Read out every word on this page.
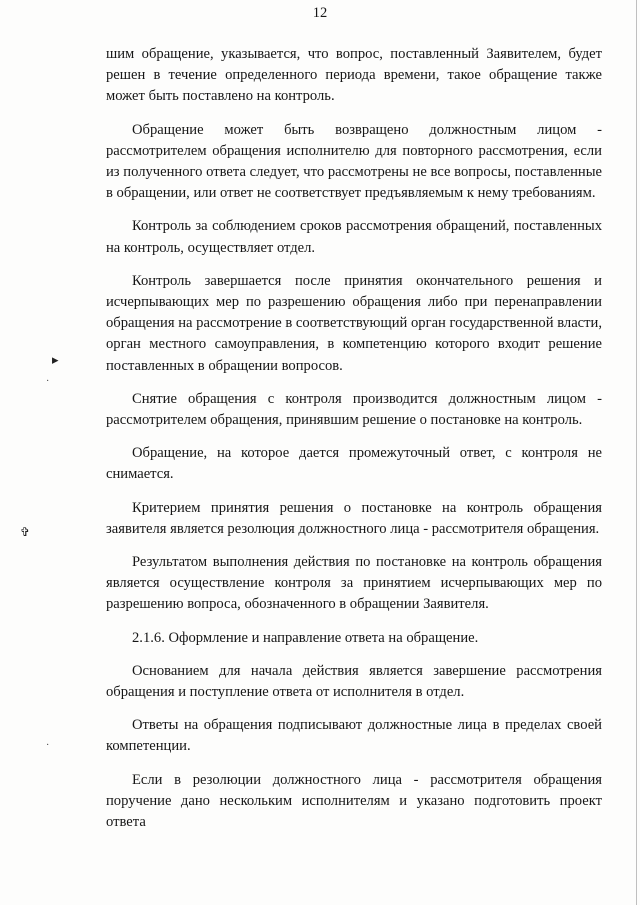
12

шим обращение, указывается, что вопрос, поставленный Заявителем, будет решен в течение определенного периода времени, такое обращение также может быть поставлено на контроль.

Обращение может быть возвращено должностным лицом - рассмотрителем обращения исполнителю для повторного рассмотрения, если из полученного ответа следует, что рассмотрены не все вопросы, поставленные в обращении, или ответ не соответствует предъявляемым к нему требованиям.

Контроль за соблюдением сроков рассмотрения обращений, поставленных на контроль, осуществляет отдел.

Контроль завершается после принятия окончательного решения и исчерпывающих мер по разрешению обращения либо при перенаправлении обращения на рассмотрение в соответствующий орган государственной власти, орган местного самоуправления, в компетенцию которого входит решение поставленных в обращении вопросов.

Снятие обращения с контроля производится должностным лицом - рассмотрителем обращения, принявшим решение о постановке на контроль.

Обращение, на которое дается промежуточный ответ, с контроля не снимается.

Критерием принятия решения о постановке на контроль обращения заявителя является резолюция должностного лица - рассмотрителя обращения.

Результатом выполнения действия по постановке на контроль обращения является осуществление контроля за принятием исчерпывающих мер по разрешению вопроса, обозначенного в обращении Заявителя.

2.1.6. Оформление и направление ответа на обращение.

Основанием для начала действия является завершение рассмотрения обращения и поступление ответа от исполнителя в отдел.

Ответы на обращения подписывают должностные лица в пределах своей компетенции.

Если в резолюции должностного лица - рассмотрителя обращения поручение дано нескольким исполнителям и указано подготовить проект ответа

▸
✞
·
·
